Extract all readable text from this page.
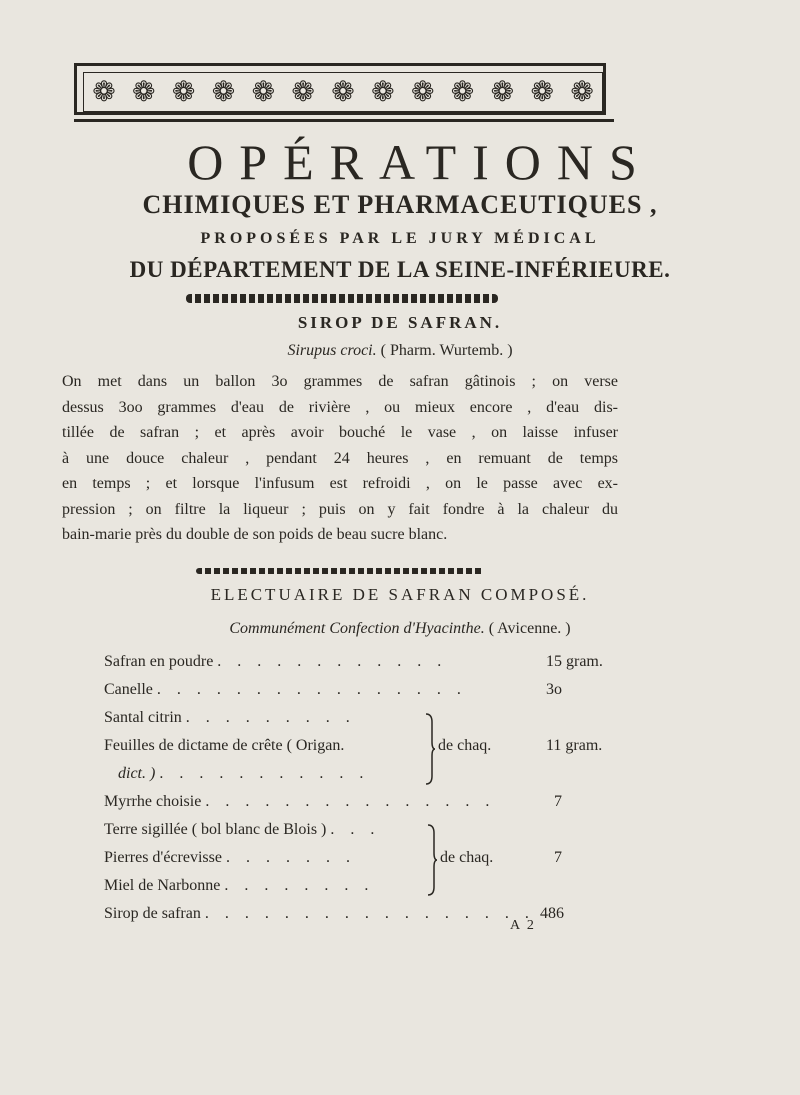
❁ ❁ ❁ ❁ ❁ ❁ ❁ ❁ ❁ ❁ ❁ ❁ ❁
OPÉRATIONS
CHIMIQUES ET PHARMACEUTIQUES ,
PROPOSÉES PAR LE JURY MÉDICAL
DU DÉPARTEMENT DE LA SEINE-INFÉRIEURE.
SIROP DE SAFRAN.
Sirupus croci. ( Pharm. Wurtemb. )
On met dans un ballon 3o grammes de safran gâtinois ; on verse
dessus 3oo grammes d'eau de rivière , ou mieux encore , d'eau dis-
tillée de safran ; et après avoir bouché le vase , on laisse infuser
à une douce chaleur , pendant 24 heures , en remuant de temps
en temps ; et lorsque l'infusum est refroidi , on le passe avec ex-
pression ; on filtre la liqueur ; puis on y fait fondre à la chaleur du
bain-marie près du double de son poids de beau sucre blanc.
ELECTUAIRE DE SAFRAN COMPOSÉ.
Communément Confection d'Hyacinthe. ( Avicenne. )
Safran en poudre . . . . . . . . . . . .
Canelle . . . . . . . . . . . . . . . .
Santal citrin . . . . . . . . .
Feuilles de dictame de crête ( Origan.
dict. ) . . . . . . . . . . .
Myrrhe choisie . . . . . . . . . . . . . . .
Terre sigillée ( bol blanc de Blois ) . . .
Pierres d'écrevisse . . . . . . .
Miel de Narbonne . . . . . . . .
Sirop de safran . . . . . . . . . . . . . . . . .
15 gram.
3o
7
486
de chaq.	11 gram.
de chaq.	7
A 2
